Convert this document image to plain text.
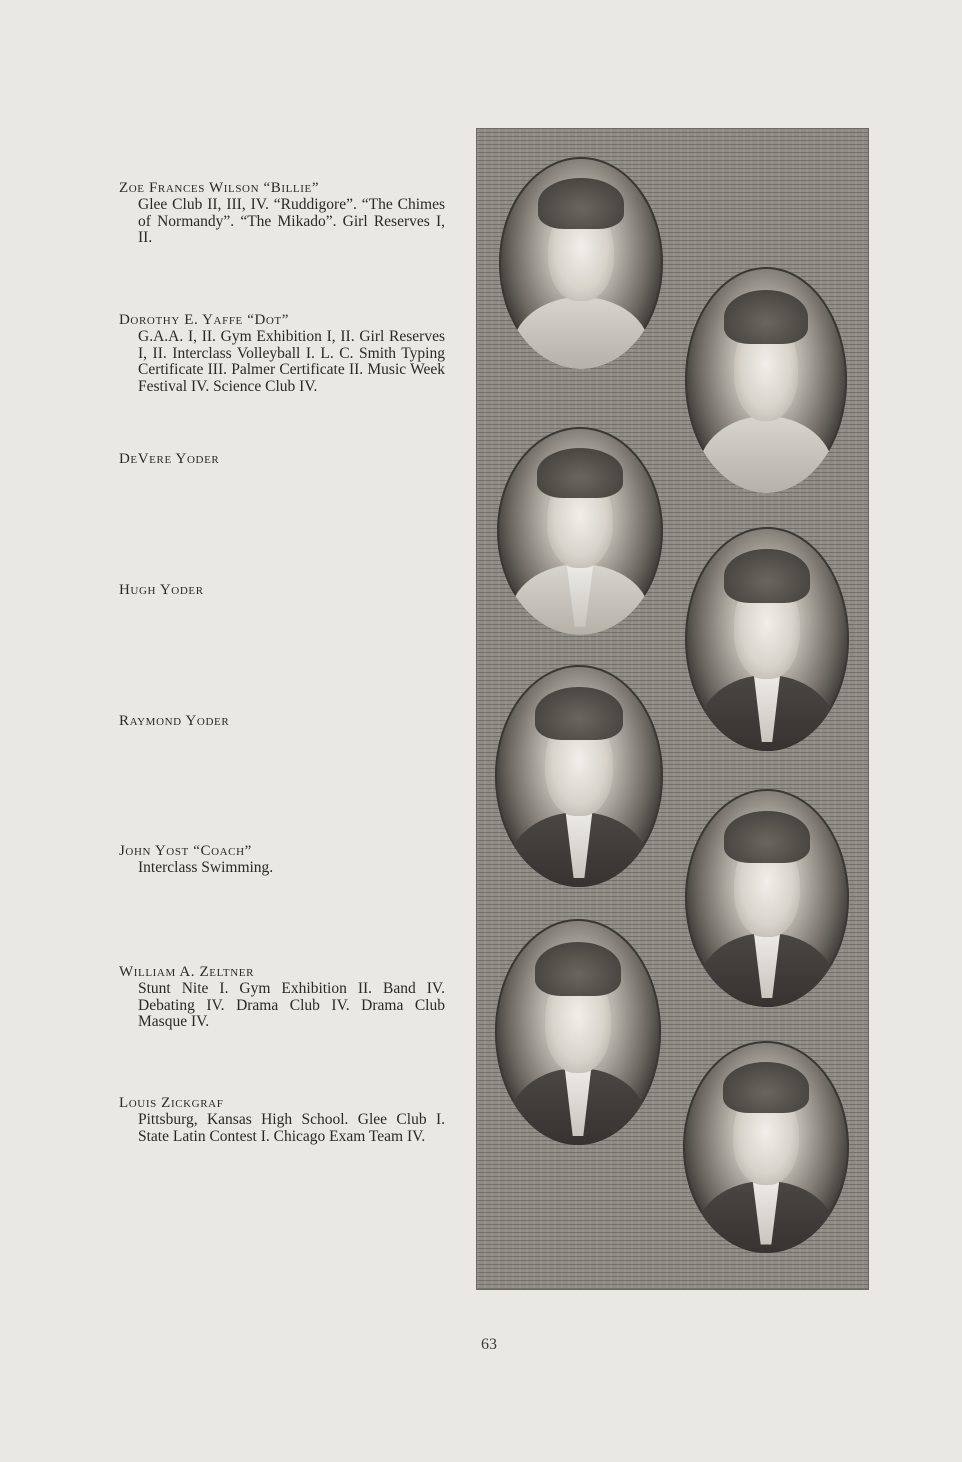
Zoe Frances Wilson “Billie”
Glee Club II, III, IV. “Ruddigore”. “The Chimes of Normandy”. “The Mikado”. Girl Reserves I, II.
Dorothy E. Yaffe “Dot”
G.A.A. I, II. Gym Exhibition I, II. Girl Reserves I, II. Interclass Volleyball I. L. C. Smith Typing Certificate III. Palmer Certificate II. Music Week Festival IV. Science Club IV.
DeVere Yoder
Hugh Yoder
Raymond Yoder
John Yost “Coach”
Interclass Swimming.
William A. Zeltner
Stunt Nite I. Gym Exhibition II. Band IV. Debating IV. Drama Club IV. Drama Club Masque IV.
Louis Zickgraf
Pittsburg, Kansas High School. Glee Club I. State Latin Contest I. Chicago Exam Team IV.
63
